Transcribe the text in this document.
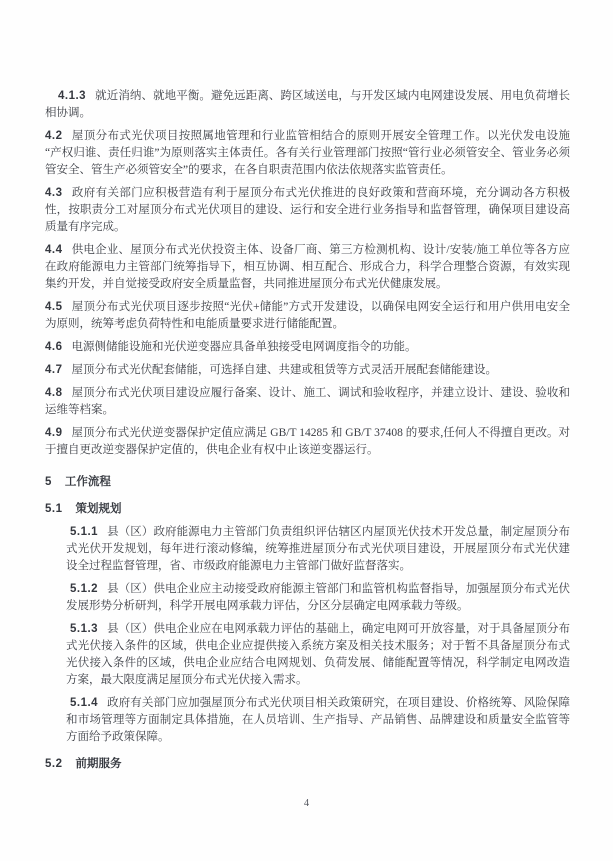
4.1.3 就近消纳、就地平衡。避免远距离、跨区域送电，与开发区域内电网建设发展、用电负荷增长相协调。

4.2 屋顶分布式光伏项目按照属地管理和行业监管相结合的原则开展安全管理工作。以光伏发电设施“产权归谁、责任归谁”为原则落实主体责任。各有关行业管理部门按照“管行业必须管安全、管业务必须管安全、管生产必须管安全”的要求，在各自职责范围内依法依规落实监管责任。

4.3 政府有关部门应积极营造有利于屋顶分布式光伏推进的良好政策和营商环境，充分调动各方积极性，按职责分工对屋顶分布式光伏项目的建设、运行和安全进行业务指导和监督管理，确保项目建设高质量有序完成。

4.4 供电企业、屋顶分布式光伏投资主体、设备厂商、第三方检测机构、设计/安装/施工单位等各方应在政府能源电力主管部门统筹指导下，相互协调、相互配合、形成合力，科学合理整合资源，有效实现集约开发，并自觉接受政府安全质量监督，共同推进屋顶分布式光伏健康发展。

4.5 屋顶分布式光伏项目逐步按照“光伏+储能”方式开发建设，以确保电网安全运行和用户供用电安全为原则，统筹考虑负荷特性和电能质量要求进行储能配置。

4.6 电源侧储能设施和光伏逆变器应具备单独接受电网调度指令的功能。

4.7 屋顶分布式光伏配套储能，可选择自建、共建或租赁等方式灵活开展配套储能建设。

4.8 屋顶分布式光伏项目建设应履行备案、设计、施工、调试和验收程序，并建立设计、建设、验收和运维等档案。

4.9 屋顶分布式光伏逆变器保护定值应满足 GB/T 14285 和 GB/T 37408 的要求,任何人不得擅自更改。对于擅自更改逆变器保护定值的，供电企业有权中止该逆变器运行。

5 工作流程
5.1 策划规划

5.1.1 县（区）政府能源电力主管部门负责组织评估辖区内屋顶光伏技术开发总量，制定屋顶分布式光伏开发规划，每年进行滚动修编，统筹推进屋顶分布式光伏项目建设，开展屋顶分布式光伏建设全过程监督管理，省、市级政府能源电力主管部门做好监督落实。

5.1.2 县（区）供电企业应主动接受政府能源主管部门和监管机构监督指导，加强屋顶分布式光伏发展形势分析研判，科学开展电网承载力评估，分区分层确定电网承载力等级。

5.1.3 县（区）供电企业应在电网承载力评估的基础上，确定电网可开放容量，对于具备屋顶分布式光伏接入条件的区域，供电企业应提供接入系统方案及相关技术服务；对于暂不具备屋顶分布式光伏接入条件的区域，供电企业应结合电网规划、负荷发展、储能配置等情况，科学制定电网改造方案，最大限度满足屋顶分布式光伏接入需求。

5.1.4 政府有关部门应加强屋顶分布式光伏项目相关政策研究，在项目建设、价格统筹、风险保障和市场管理等方面制定具体措施，在人员培训、生产指导、产品销售、品牌建设和质量安全监管等方面给予政策保障。

5.2 前期服务
4
